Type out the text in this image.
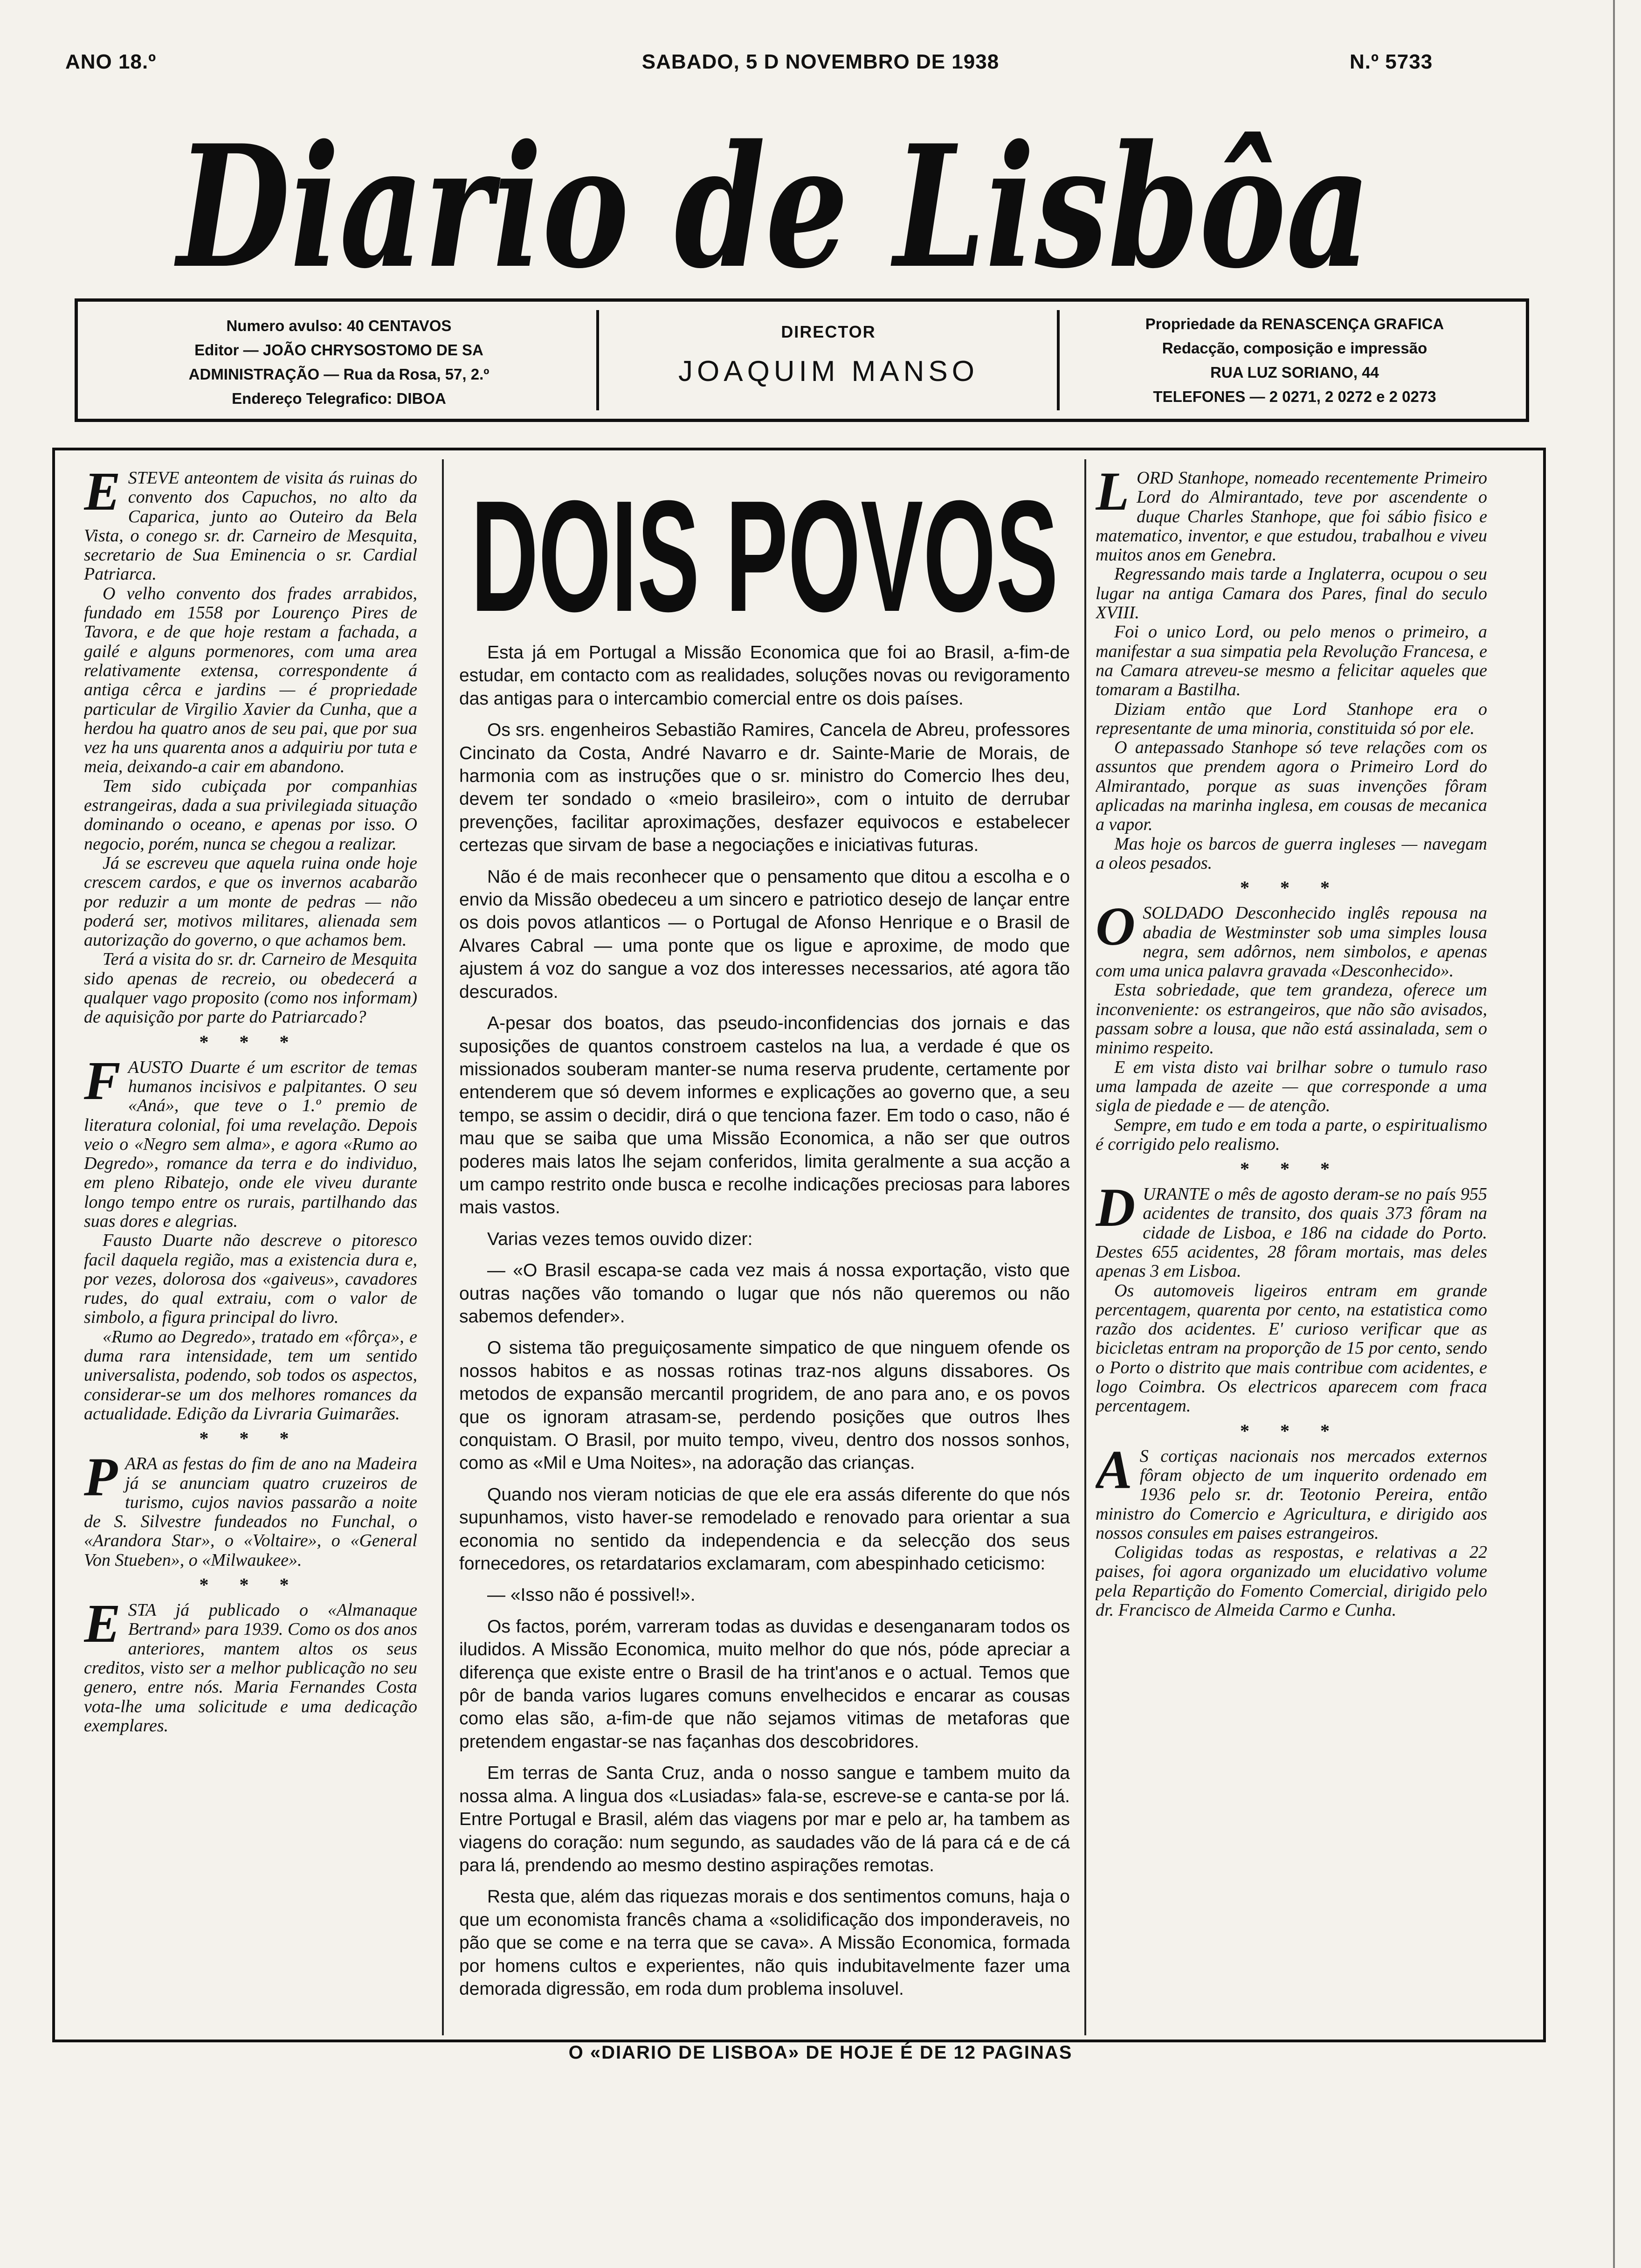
ANO 18.º	SABADO, 5 D NOVEMBRO DE 1938	N.º 5733
Diario de Lisbôa
Numero avulso: 40 CENTAVOS
Editor — JOÃO CHRYSOSTOMO DE SA
ADMINISTRAÇÃO — Rua da Rosa, 57, 2.º
Endereço Telegrafico: DIBOA
DIRECTOR
JOAQUIM MANSO
Propriedade da RENASCENÇA GRAFICA
Redacção, composição e impressão
RUA LUZ SORIANO, 44
TELEFONES — 2 0271, 2 0272 e 2 0273

ESTEVE anteontem de visita ás ruinas do convento dos Capuchos, no alto da Caparica, junto ao Outeiro da Bela Vista, o conego sr. dr. Carneiro de Mesquita, secretario de Sua Eminencia o sr. Cardial Patriarca.

O velho convento dos frades arrabidos, fundado em 1558 por Lourenço Pires de Tavora, e de que hoje restam a fachada, a gailé e alguns pormenores, com uma area relativamente extensa, correspondente á antiga cêrca e jardins — é propriedade particular de Virgilio Xavier da Cunha, que a herdou ha quatro anos de seu pai, que por sua vez ha uns quarenta anos a adquiriu por tuta e meia, deixando-a cair em abandono.

Tem sido cubiçada por companhias estrangeiras, dada a sua privilegiada situação dominando o oceano, e apenas por isso. O negocio, porém, nunca se chegou a realizar.

Já se escreveu que aquela ruina onde hoje crescem cardos, e que os invernos acabarão por reduzir a um monte de pedras — não poderá ser, motivos militares, alienada sem autorização do governo, o que achamos bem.

Terá a visita do sr. dr. Carneiro de Mesquita sido apenas de recreio, ou obedecerá a qualquer vago proposito (como nos informam) de aquisição por parte do Patriarcado?

* * *

FAUSTO Duarte é um escritor de temas humanos incisivos e palpitantes. O seu «Aná», que teve o 1.º premio de literatura colonial, foi uma revelação. Depois veio o «Negro sem alma», e agora «Rumo ao Degredo», romance da terra e do individuo, em pleno Ribatejo, onde ele viveu durante longo tempo entre os rurais, partilhando das suas dores e alegrias.

Fausto Duarte não descreve o pitoresco facil daquela região, mas a existencia dura e, por vezes, dolorosa dos «gaiveus», cavadores rudes, do qual extraiu, com o valor de simbolo, a figura principal do livro.

«Rumo ao Degredo», tratado em «fôrça», e duma rara intensidade, tem um sentido universalista, podendo, sob todos os aspectos, considerar-se um dos melhores romances da actualidade. Edição da Livraria Guimarães.

* * *

PARA as festas do fim de ano na Madeira já se anunciam quatro cruzeiros de turismo, cujos navios passarão a noite de S. Silvestre fundeados no Funchal, o «Arandora Star», o «Voltaire», o «General Von Stueben», o «Milwaukee».

* * *

ESTA já publicado o «Almanaque Bertrand» para 1939. Como os dos anos anteriores, mantem altos os seus creditos, visto ser a melhor publicação no seu genero, entre nós. Maria Fernandes Costa vota-lhe uma solicitude e uma dedicação exemplares.

DOIS POVOS

Esta já em Portugal a Missão Economica que foi ao Brasil, a-fim-de estudar, em contacto com as realidades, soluções novas ou revigoramento das antigas para o intercambio comercial entre os dois países.

Os srs. engenheiros Sebastião Ramires, Cancela de Abreu, professores Cincinato da Costa, André Navarro e dr. Sainte-Marie de Morais, de harmonia com as instruções que o sr. ministro do Comercio lhes deu, devem ter sondado o «meio brasileiro», com o intuito de derrubar prevenções, facilitar aproximações, desfazer equivocos e estabelecer certezas que sirvam de base a negociações e iniciativas futuras.

Não é de mais reconhecer que o pensamento que ditou a escolha e o envio da Missão obedeceu a um sincero e patriotico desejo de lançar entre os dois povos atlanticos — o Portugal de Afonso Henrique e o Brasil de Alvares Cabral — uma ponte que os ligue e aproxime, de modo que ajustem á voz do sangue a voz dos interesses necessarios, até agora tão descurados.

A-pesar dos boatos, das pseudo-inconfidencias dos jornais e das suposições de quantos constroem castelos na lua, a verdade é que os missionados souberam manter-se numa reserva prudente, certamente por entenderem que só devem informes e explicações ao governo que, a seu tempo, se assim o decidir, dirá o que tenciona fazer. Em todo o caso, não é mau que se saiba que uma Missão Economica, a não ser que outros poderes mais latos lhe sejam conferidos, limita geralmente a sua acção a um campo restrito onde busca e recolhe indicações preciosas para labores mais vastos.

Varias vezes temos ouvido dizer:

— «O Brasil escapa-se cada vez mais á nossa exportação, visto que outras nações vão tomando o lugar que nós não queremos ou não sabemos defender».

O sistema tão preguiçosamente simpatico de que ninguem ofende os nossos habitos e as nossas rotinas traz-nos alguns dissabores. Os metodos de expansão mercantil progridem, de ano para ano, e os povos que os ignoram atrasam-se, perdendo posições que outros lhes conquistam. O Brasil, por muito tempo, viveu, dentro dos nossos sonhos, como as «Mil e Uma Noites», na adoração das crianças.

Quando nos vieram noticias de que ele era assás diferente do que nós supunhamos, visto haver-se remodelado e renovado para orientar a sua economia no sentido da independencia e da selecção dos seus fornecedores, os retardatarios exclamaram, com abespinhado ceticismo:

— «Isso não é possivel!».

Os factos, porém, varreram todas as duvidas e desenganaram todos os iludidos. A Missão Economica, muito melhor do que nós, póde apreciar a diferença que existe entre o Brasil de ha trint'anos e o actual. Temos que pôr de banda varios lugares comuns envelhecidos e encarar as cousas como elas são, a-fim-de que não sejamos vitimas de metaforas que pretendem engastar-se nas façanhas dos descobridores.

Em terras de Santa Cruz, anda o nosso sangue e tambem muito da nossa alma. A lingua dos «Lusiadas» fala-se, escreve-se e canta-se por lá. Entre Portugal e Brasil, além das viagens por mar e pelo ar, ha tambem as viagens do coração: num segundo, as saudades vão de lá para cá e de cá para lá, prendendo ao mesmo destino aspirações remotas.

Resta que, além das riquezas morais e dos sentimentos comuns, haja o que um economista francês chama a «solidificação dos imponderaveis, no pão que se come e na terra que se cava». A Missão Economica, formada por homens cultos e experientes, não quis indubitavelmente fazer uma demorada digressão, em roda dum problema insoluvel.

LORD Stanhope, nomeado recentemente Primeiro Lord do Almirantado, teve por ascendente o duque Charles Stanhope, que foi sábio fisico e matematico, inventor, e que estudou, trabalhou e viveu muitos anos em Genebra.

Regressando mais tarde a Inglaterra, ocupou o seu lugar na antiga Camara dos Pares, final do seculo XVIII.

Foi o unico Lord, ou pelo menos o primeiro, a manifestar a sua simpatia pela Revolução Francesa, e na Camara atreveu-se mesmo a felicitar aqueles que tomaram a Bastilha.

Diziam então que Lord Stanhope era o representante de uma minoria, constituida só por ele.

O antepassado Stanhope só teve relações com os assuntos que prendem agora o Primeiro Lord do Almirantado, porque as suas invenções fôram aplicadas na marinha inglesa, em cousas de mecanica a vapor.

Mas hoje os barcos de guerra ingleses — navegam a oleos pesados.

* * *

OSOLDADO Desconhecido inglês repousa na abadia de Westminster sob uma simples lousa negra, sem adôrnos, nem simbolos, e apenas com uma unica palavra gravada «Desconhecido».

Esta sobriedade, que tem grandeza, oferece um inconveniente: os estrangeiros, que não são avisados, passam sobre a lousa, que não está assinalada, sem o minimo respeito.

E em vista disto vai brilhar sobre o tumulo raso uma lampada de azeite — que corresponde a uma sigla de piedade e — de atenção.

Sempre, em tudo e em toda a parte, o espiritualismo é corrigido pelo realismo.

* * *

DURANTE o mês de agosto deram-se no país 955 acidentes de transito, dos quais 373 fôram na cidade de Lisboa, e 186 na cidade do Porto. Destes 655 acidentes, 28 fôram mortais, mas deles apenas 3 em Lisboa.

Os automoveis ligeiros entram em grande percentagem, quarenta por cento, na estatistica como razão dos acidentes. E' curioso verificar que as bicicletas entram na proporção de 15 por cento, sendo o Porto o distrito que mais contribue com acidentes, e logo Coimbra. Os electricos aparecem com fraca percentagem.

* * *

A S cortiças nacionais nos mercados externos fôram objecto de um inquerito ordenado em 1936 pelo sr. dr. Teotonio Pereira, então ministro do Comercio e Agricultura, e dirigido aos nossos consules em paises estrangeiros.

Coligidas todas as respostas, e relativas a 22 paises, foi agora organizado um elucidativo volume pela Repartição do Fomento Comercial, dirigido pelo dr. Francisco de Almeida Carmo e Cunha.

O «DIARIO DE LISBOA» DE HOJE É DE 12 PAGINAS
